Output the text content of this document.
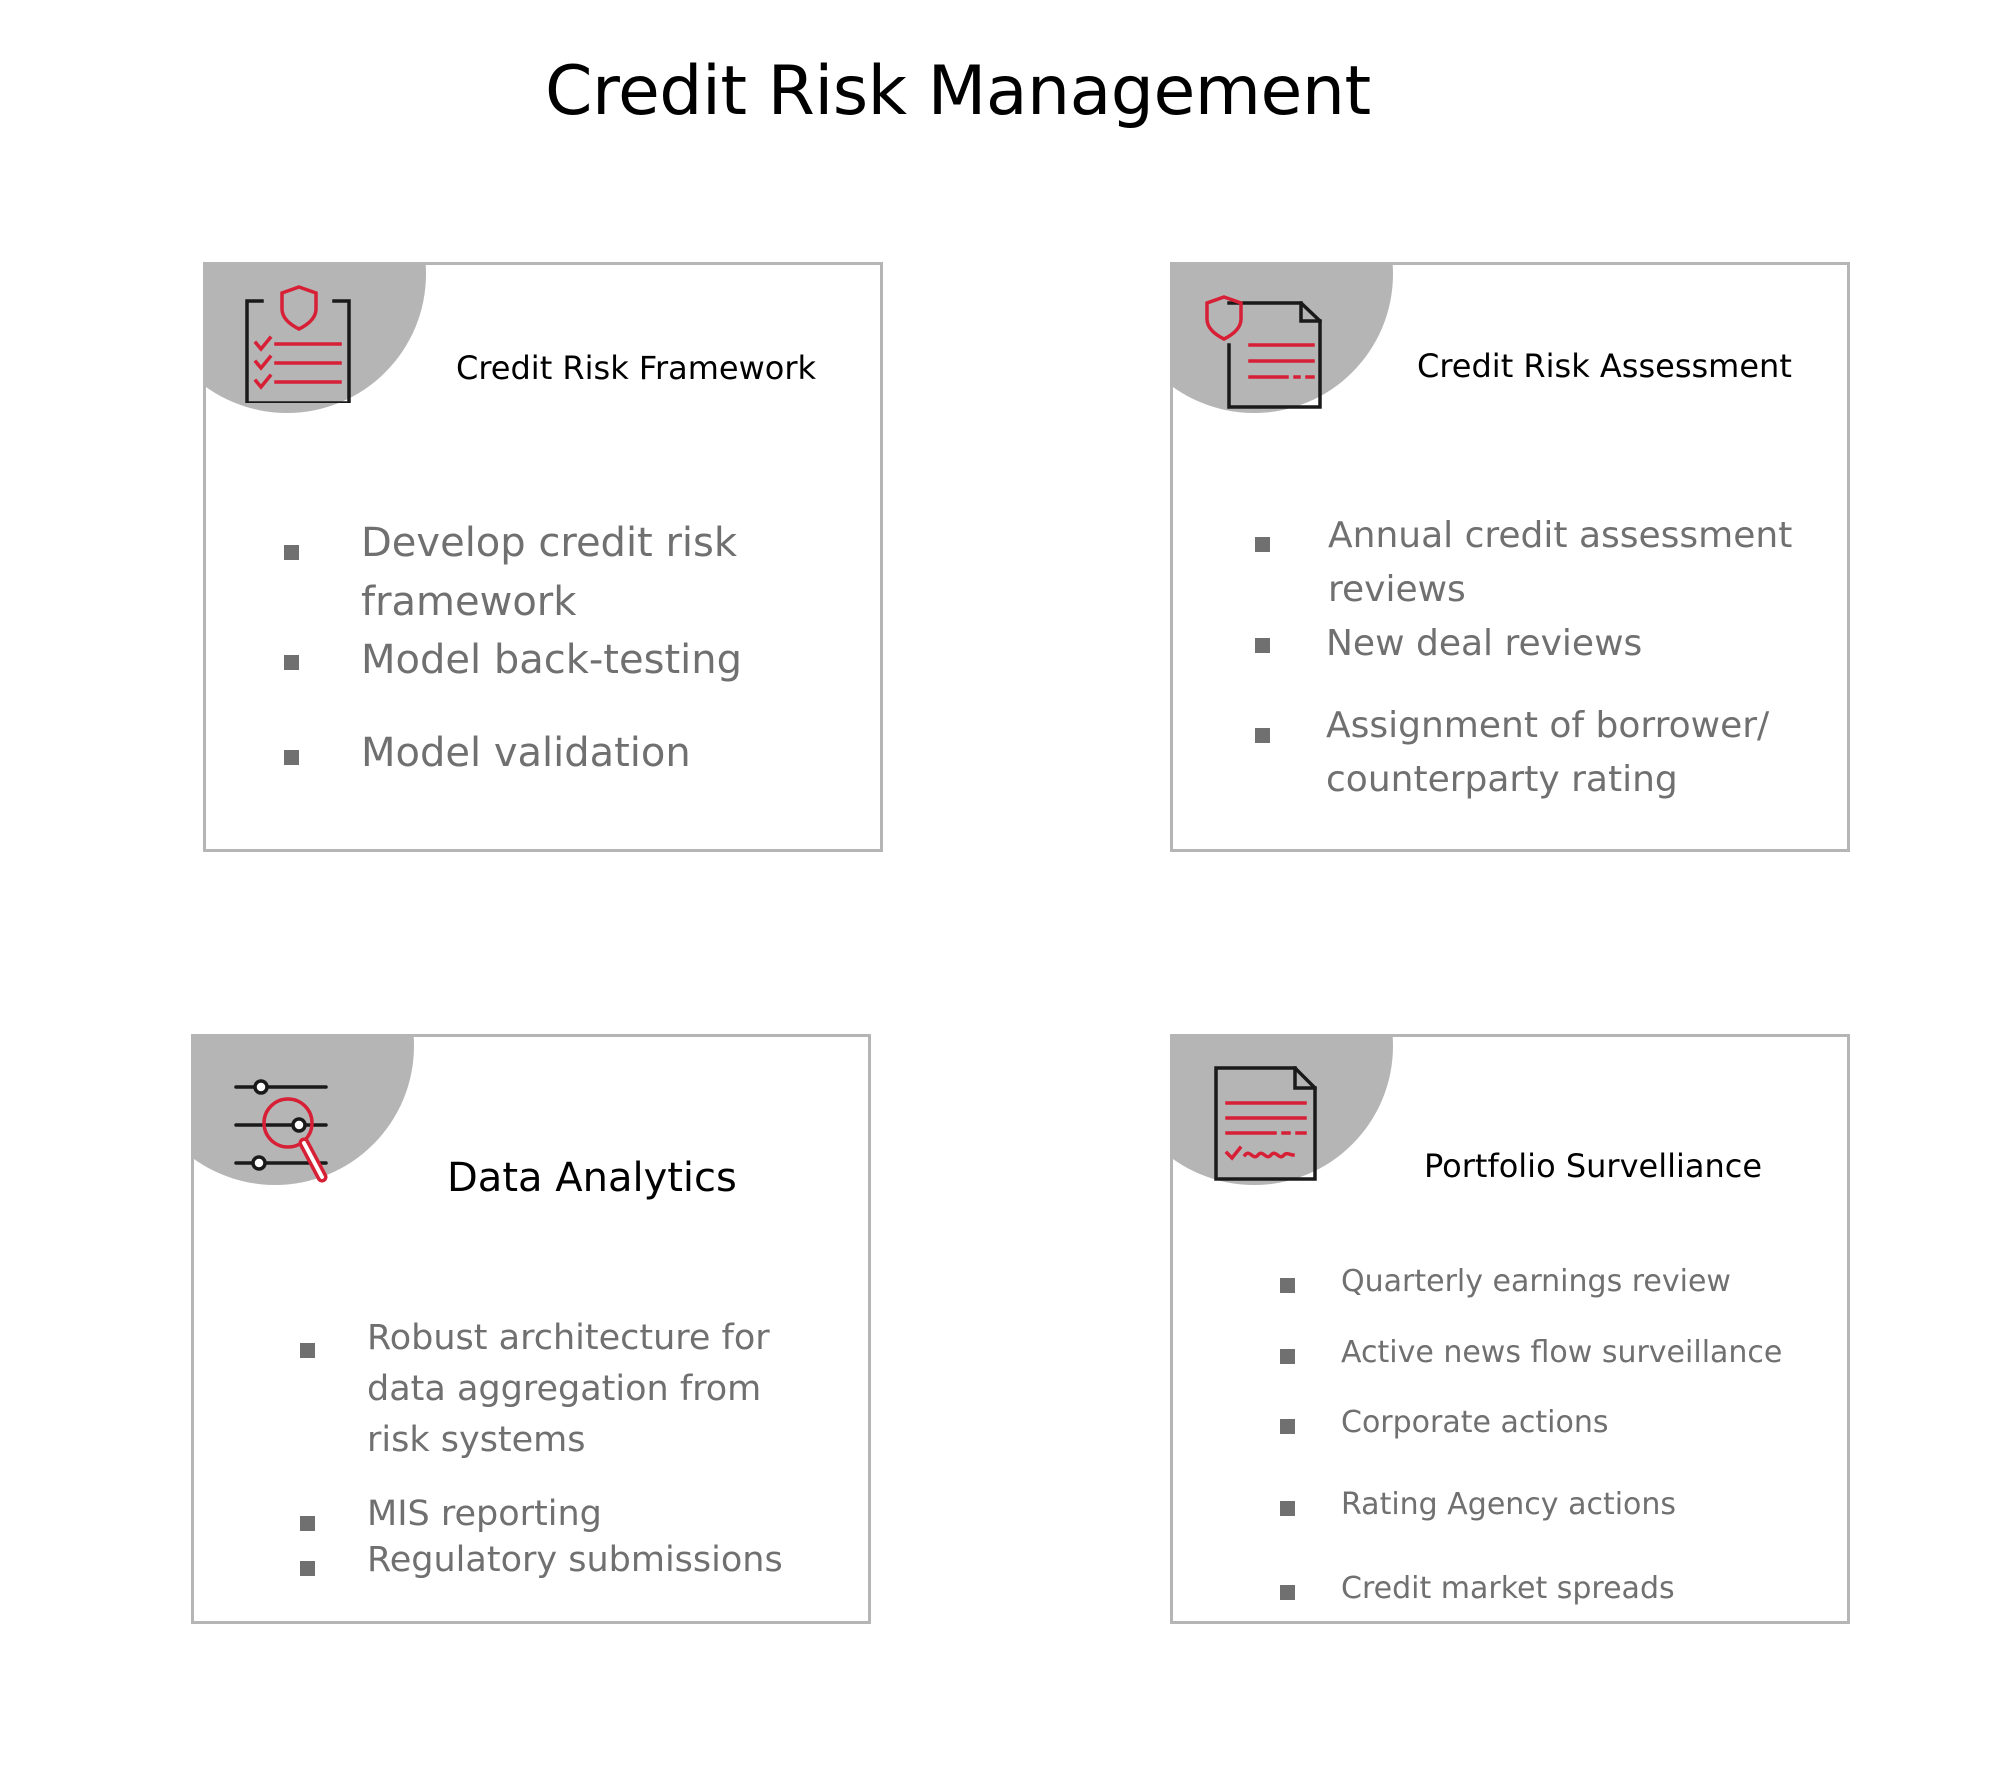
Credit Risk Management
Credit Risk Framework
Develop credit risk
framework
Model back-testing
Model validation
Credit Risk Assessment
Annual credit assessment
reviews
New deal reviews
Assignment of borrower/
counterparty rating
Data Analytics
Robust architecture for
data aggregation from
risk systems
MIS reporting
Regulatory submissions
Portfolio Survelliance
Quarterly earnings review
Active news flow surveillance
Corporate actions
Rating Agency actions
Credit market spreads
